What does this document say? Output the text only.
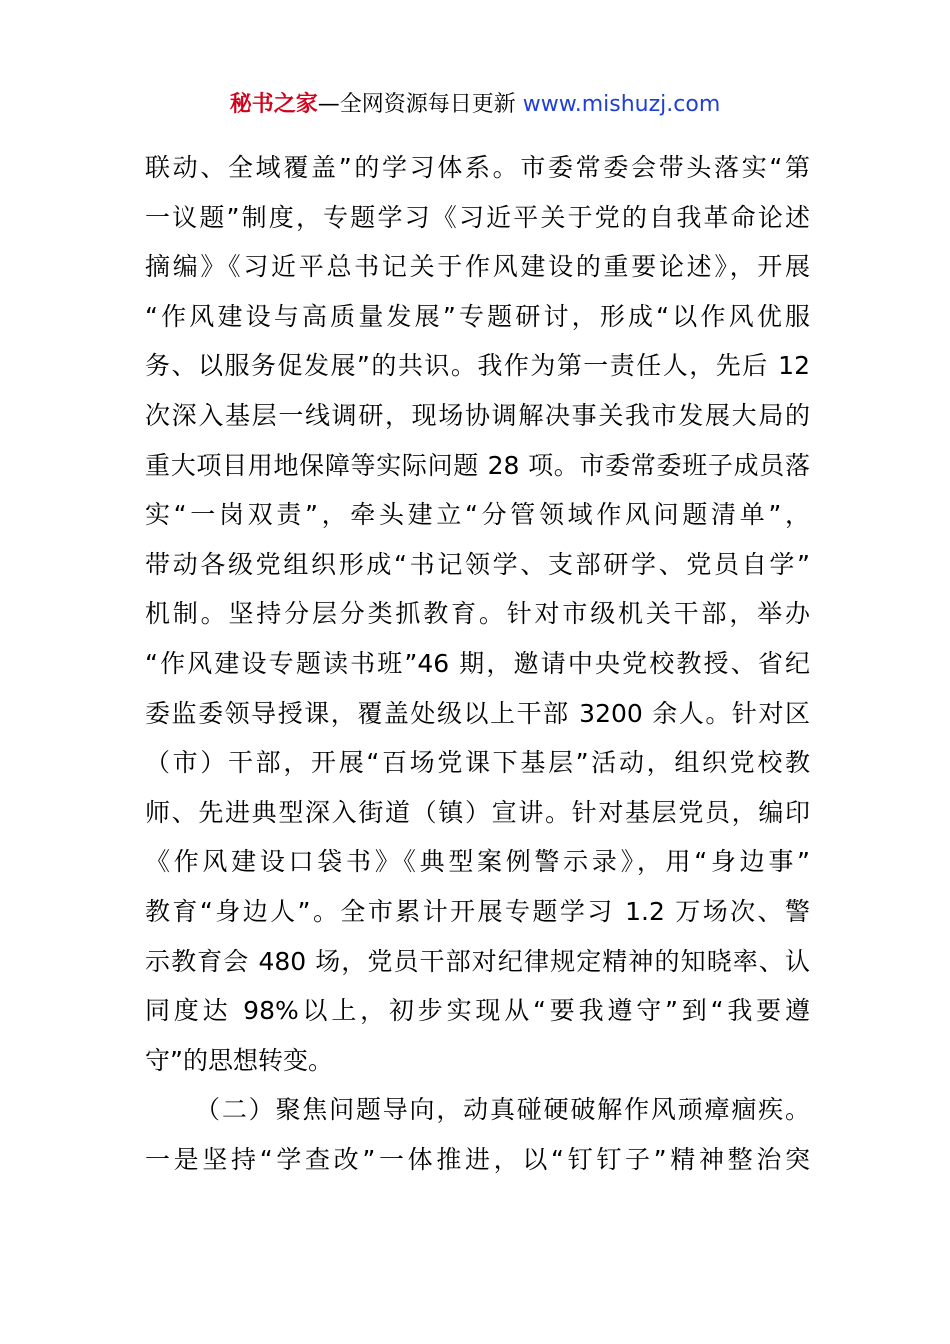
秘书之家—全网资源每日更新 www.mishuzj.com
联动、全域覆盖”的学习体系。市委常委会带头落实“第
一议题”制度，专题学习《习近平关于党的自我革命论述
摘编》《习近平总书记关于作风建设的重要论述》，开展
“作风建设与高质量发展”专题研讨，形成“以作风优服
务、以服务促发展”的共识。我作为第一责任人，先后 12
次深入基层一线调研，现场协调解决事关我市发展大局的
重大项目用地保障等实际问题 28 项。市委常委班子成员落
实“一岗双责”，牵头建立“分管领域作风问题清单”，
带动各级党组织形成“书记领学、支部研学、党员自学”
机制。坚持分层分类抓教育。针对市级机关干部，举办
“作风建设专题读书班”46 期，邀请中央党校教授、省纪
委监委领导授课，覆盖处级以上干部 3200 余人。针对区
（市）干部，开展“百场党课下基层”活动，组织党校教
师、先进典型深入街道（镇）宣讲。针对基层党员，编印
《作风建设口袋书》《典型案例警示录》，用“身边事”
教育“身边人”。全市累计开展专题学习 1.2 万场次、警
示教育会 480 场，党员干部对纪律规定精神的知晓率、认
同度达 98%以上，初步实现从“要我遵守”到“我要遵
守”的思想转变。
（二）聚焦问题导向，动真碰硬破解作风顽瘴痼疾。
一是坚持“学查改”一体推进，以“钉钉子”精神整治突
